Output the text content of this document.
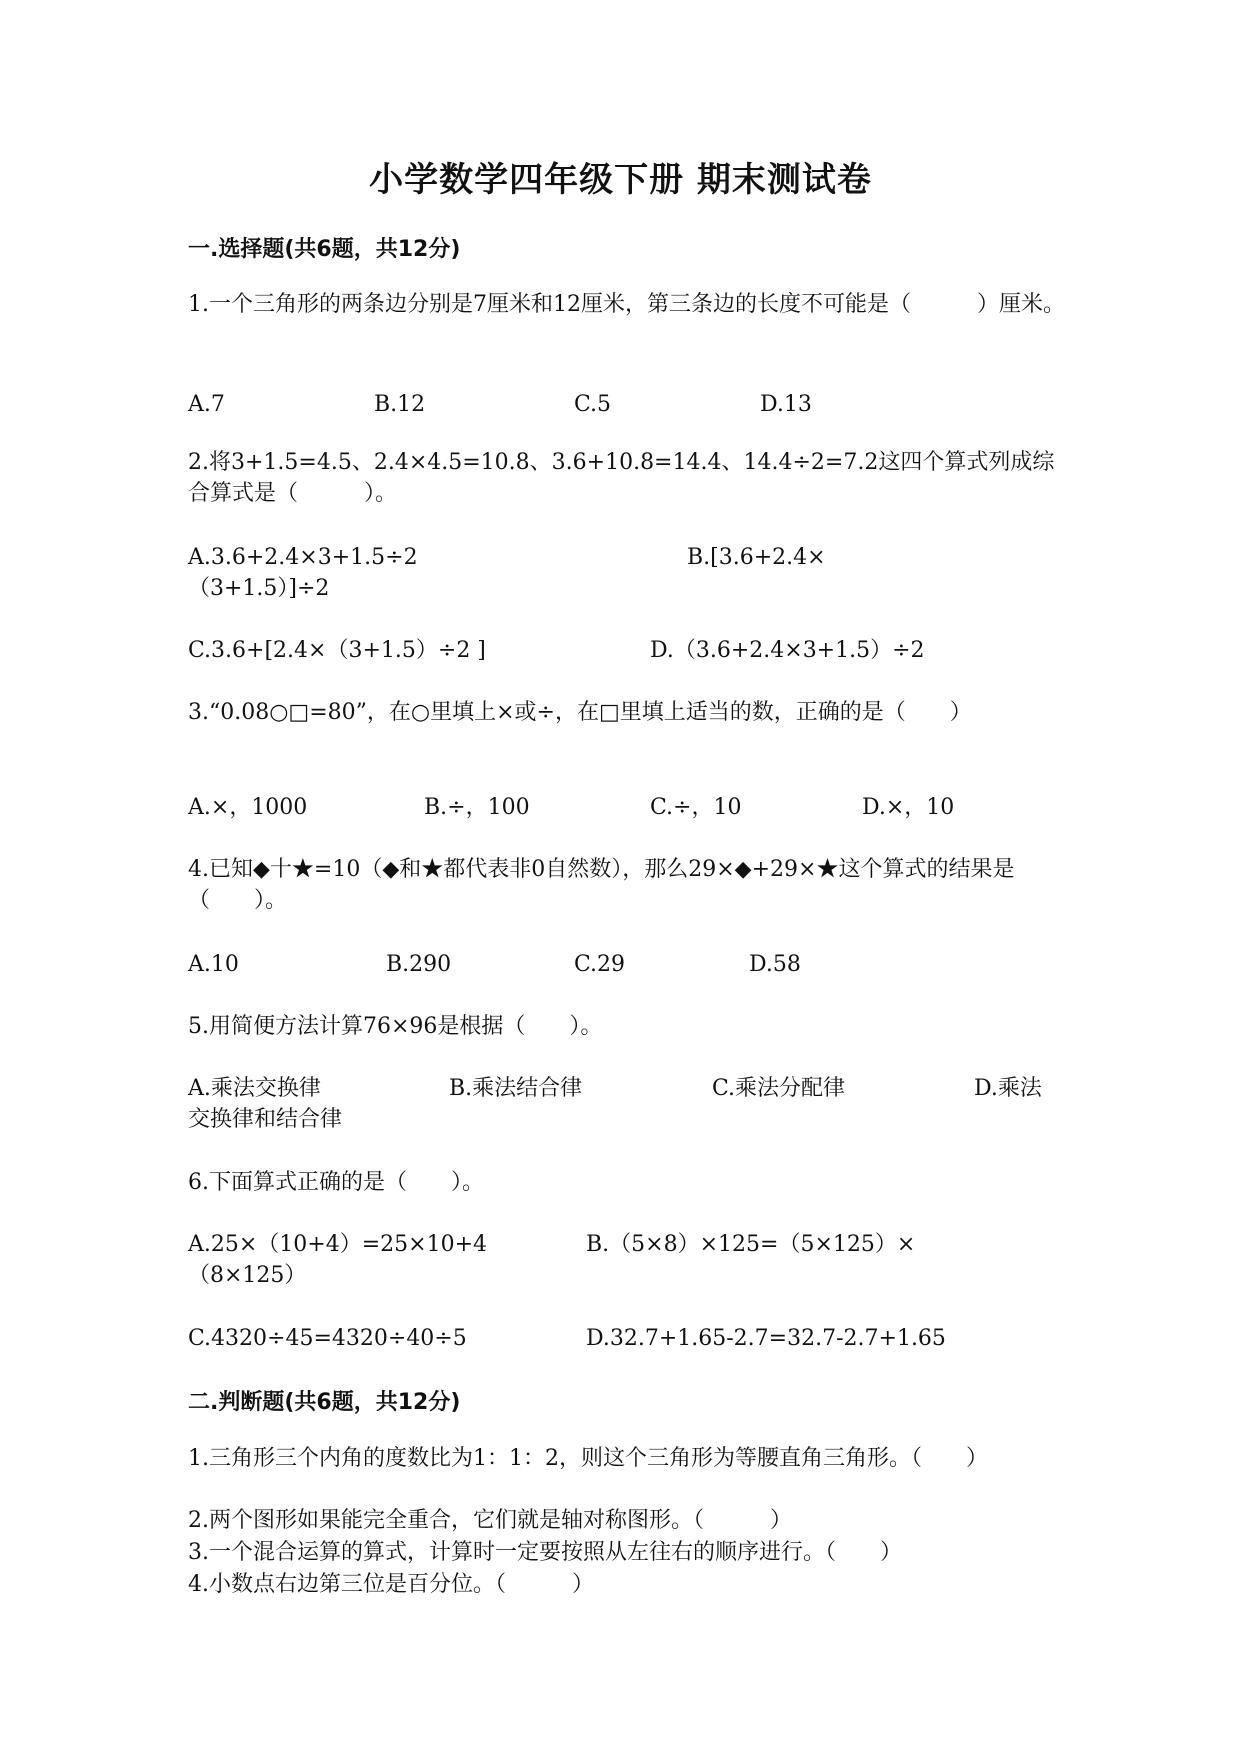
小学数学四年级下册 期末测试卷
一.选择题(共6题，共12分)
1.一个三角形的两条边分别是7厘米和12厘米，第三条边的长度不可能是（　　　）厘米。
A.7	B.12	C.5	D.13
2.将3+1.5=4.5、2.4×4.5=10.8、3.6+10.8=14.4、14.4÷2=7.2这四个算式列成综合算式是（　　　）。
A.3.6+2.4×3+1.5÷2	B.[3.6+2.4×（3+1.5）]÷2
C.3.6+[2.4×（3+1.5）÷2 ]	D.（3.6+2.4×3+1.5）÷2
3.“0.08○□=80”，在○里填上×或÷，在□里填上适当的数，正确的是（　　）
A.×，1000	B.÷，100	C.÷，10	D.×，10
4.已知◆十★=10（◆和★都代表非0自然数），那么29×◆+29×★这个算式的结果是（　　）。
A.10	B.290	C.29	D.58
5.用简便方法计算76×96是根据（　　）。
A.乘法交换律	B.乘法结合律	C.乘法分配律	D.乘法交换律和结合律
6.下面算式正确的是（　　）。
A.25×（10+4）=25×10+4	B.（5×8）×125=（5×125）×（8×125）
C.4320÷45=4320÷40÷5	D.32.7+1.65-2.7=32.7-2.7+1.65
二.判断题(共6题，共12分)
1.三角形三个内角的度数比为1：1：2，则这个三角形为等腰直角三角形。（　　）
2.两个图形如果能完全重合，它们就是轴对称图形。（　　　）
3.一个混合运算的算式，计算时一定要按照从左往右的顺序进行。（　　）
4.小数点右边第三位是百分位。（　　　）
